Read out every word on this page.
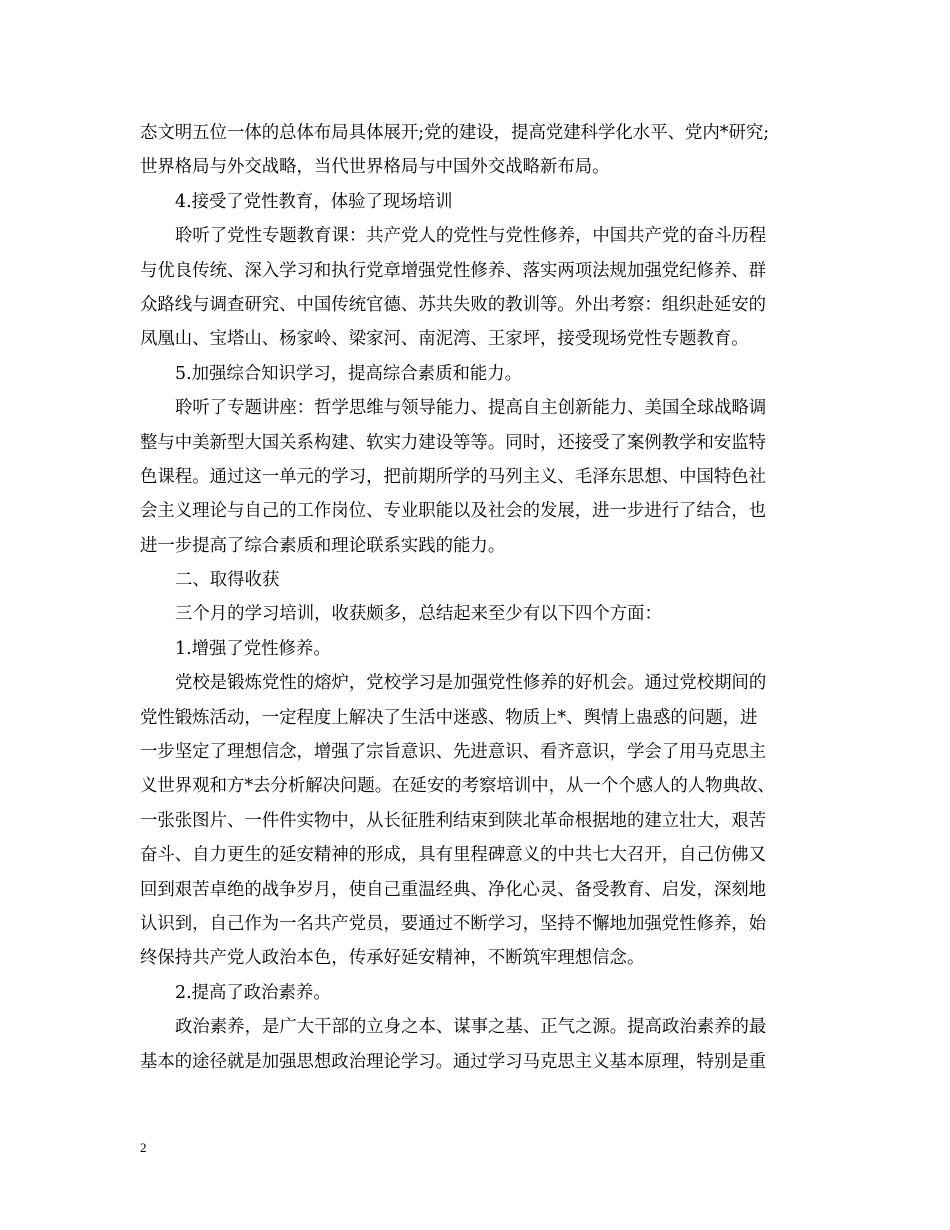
态文明五位一体的总体布局具体展开;党的建设，提高党建科学化水平、党内*研究;
世界格局与外交战略，当代世界格局与中国外交战略新布局。
4.接受了党性教育，体验了现场培训
聆听了党性专题教育课：共产党人的党性与党性修养，中国共产党的奋斗历程
与优良传统、深入学习和执行党章增强党性修养、落实两项法规加强党纪修养、群
众路线与调查研究、中国传统官德、苏共失败的教训等。外出考察：组织赴延安的
凤凰山、宝塔山、杨家岭、梁家河、南泥湾、王家坪，接受现场党性专题教育。
5.加强综合知识学习，提高综合素质和能力。
聆听了专题讲座：哲学思维与领导能力、提高自主创新能力、美国全球战略调
整与中美新型大国关系构建、软实力建设等等。同时，还接受了案例教学和安监特
色课程。通过这一单元的学习，把前期所学的马列主义、毛泽东思想、中国特色社
会主义理论与自己的工作岗位、专业职能以及社会的发展，进一步进行了结合，也
进一步提高了综合素质和理论联系实践的能力。
二、取得收获
三个月的学习培训，收获颇多，总结起来至少有以下四个方面：
1.增强了党性修养。
党校是锻炼党性的熔炉，党校学习是加强党性修养的好机会。通过党校期间的
党性锻炼活动，一定程度上解决了生活中迷惑、物质上*、舆情上蛊惑的问题，进
一步坚定了理想信念，增强了宗旨意识、先进意识、看齐意识，学会了用马克思主
义世界观和方*去分析解决问题。在延安的考察培训中，从一个个感人的人物典故、
一张张图片、一件件实物中，从长征胜利结束到陕北革命根据地的建立壮大，艰苦
奋斗、自力更生的延安精神的形成，具有里程碑意义的中共七大召开，自己仿佛又
回到艰苦卓绝的战争岁月，使自己重温经典、净化心灵、备受教育、启发，深刻地
认识到，自己作为一名共产党员，要通过不断学习，坚持不懈地加强党性修养，始
终保持共产党人政治本色，传承好延安精神，不断筑牢理想信念。
2.提高了政治素养。
政治素养，是广大干部的立身之本、谋事之基、正气之源。提高政治素养的最
基本的途径就是加强思想政治理论学习。通过学习马克思主义基本原理，特别是重
2
